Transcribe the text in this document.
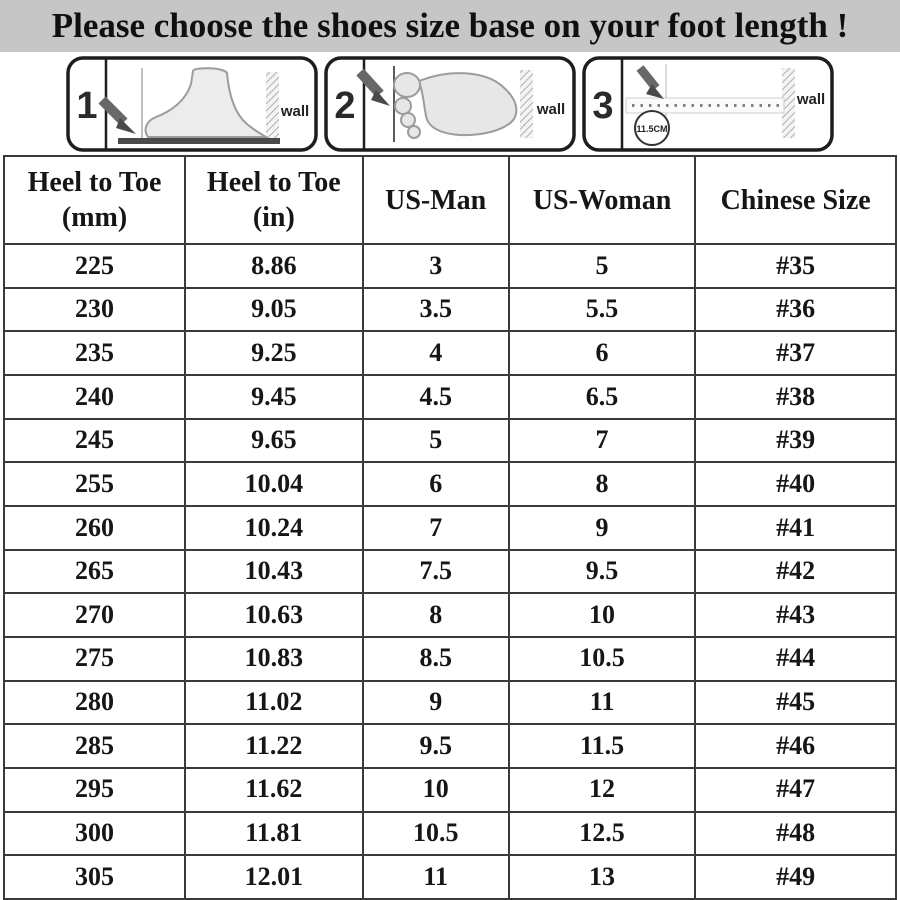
Please choose the shoes size base on your foot length !
1	wall 2	wall 3
11.5CM
wall
Heel to Toe
(mm)	Heel to Toe
(in)	US-Man	US-Woman	Chinese Size
225	8.86	3	5	#35
230	9.05	3.5	5.5	#36
235	9.25	4	6	#37
240	9.45	4.5	6.5	#38
245	9.65	5	7	#39
255	10.04	6	8	#40
260	10.24	7	9	#41
265	10.43	7.5	9.5	#42
270	10.63	8	10	#43
275	10.83	8.5	10.5	#44
280	11.02	9	11	#45
285	11.22	9.5	11.5	#46
295	11.62	10	12	#47
300	11.81	10.5	12.5	#48
305	12.01	11	13	#49
